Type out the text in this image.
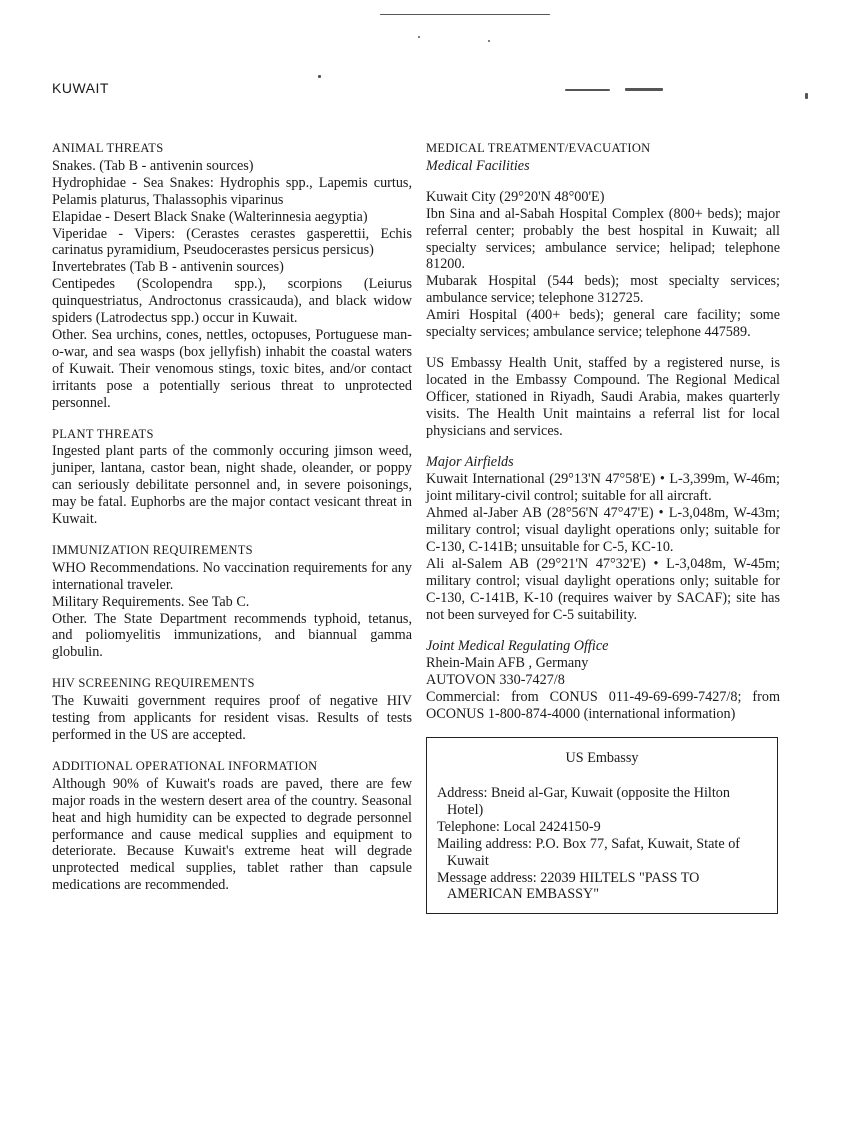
KUWAIT
ANIMAL THREATS

Snakes. (Tab B - antivenin sources)

Hydrophidae - Sea Snakes: Hydrophis spp., Lapemis curtus, Pelamis platurus, Thalassophis viparinus

Elapidae - Desert Black Snake (Walterinnesia aegyptia)

Viperidae - Vipers: (Cerastes cerastes gasperettii, Echis carinatus pyramidium, Pseudocerastes persicus persicus)

Invertebrates (Tab B - antivenin sources)

Centipedes (Scolopendra spp.), scorpions (Leiurus quinquestriatus, Androctonus crassicauda), and black widow spiders (Latrodectus spp.) occur in Kuwait.

Other. Sea urchins, cones, nettles, octopuses, Portuguese man-o-war, and sea wasps (box jellyfish) inhabit the coastal waters of Kuwait. Their venomous stings, toxic bites, and/or contact irritants pose a potentially serious threat to unprotected personnel.

PLANT THREATS

Ingested plant parts of the commonly occuring jimson weed, juniper, lantana, castor bean, night shade, oleander, or poppy can seriously debilitate personnel and, in severe poisonings, may be fatal. Euphorbs are the major contact vesicant threat in Kuwait.

IMMUNIZATION REQUIREMENTS

WHO Recommendations. No vaccination requirements for any international traveler.

Military Requirements. See Tab C.

Other. The State Department recommends typhoid, tetanus, and poliomyelitis immunizations, and biannual gamma globulin.

HIV SCREENING REQUIREMENTS

The Kuwaiti government requires proof of negative HIV testing from applicants for resident visas. Results of tests performed in the US are accepted.

ADDITIONAL OPERATIONAL INFORMATION

Although 90% of Kuwait's roads are paved, there are few major roads in the western desert area of the country. Seasonal heat and high humidity can be expected to degrade personnel performance and cause medical supplies and equipment to deteriorate. Because Kuwait's extreme heat will degrade unprotected medical supplies, tablet rather than capsule medications are recommended.

MEDICAL TREATMENT/EVACUATION
Medical Facilities

Kuwait City (29°20'N 48°00'E)

Ibn Sina and al-Sabah Hospital Complex (800+ beds); major referral center; probably the best hospital in Kuwait; all specialty services; ambulance service; helipad; telephone 81200.

Mubarak Hospital (544 beds); most specialty services; ambulance service; telephone 312725.

Amiri Hospital (400+ beds); general care facility; some specialty services; ambulance service; telephone 447589.

US Embassy Health Unit, staffed by a registered nurse, is located in the Embassy Compound. The Regional Medical Officer, stationed in Riyadh, Saudi Arabia, makes quarterly visits. The Health Unit maintains a referral list for local physicians and services.

Major Airfields

Kuwait International (29°13'N 47°58'E) • L-3,399m, W-46m; joint military-civil control; suitable for all aircraft.

Ahmed al-Jaber AB (28°56'N 47°47'E) • L-3,048m, W-43m; military control; visual daylight operations only; suitable for C-130, C-141B; unsuitable for C-5, KC-10.

Ali al-Salem AB (29°21'N 47°32'E) • L-3,048m, W-45m; military control; visual daylight operations only; suitable for C-130, C-141B, K-10 (requires waiver by SACAF); site has not been surveyed for C-5 suitability.

Joint Medical Regulating Office

Rhein-Main AFB , Germany

AUTOVON 330-7427/8

Commercial: from CONUS 011-49-69-699-7427/8; from OCONUS 1-800-874-4000 (international information)

US Embassy
Address: Bneid al-Gar, Kuwait (opposite the Hilton Hotel)
Telephone: Local 2424150-9
Mailing address: P.O. Box 77, Safat, Kuwait, State of Kuwait
Message address: 22039 HILTELS "PASS TO AMERICAN EMBASSY"
